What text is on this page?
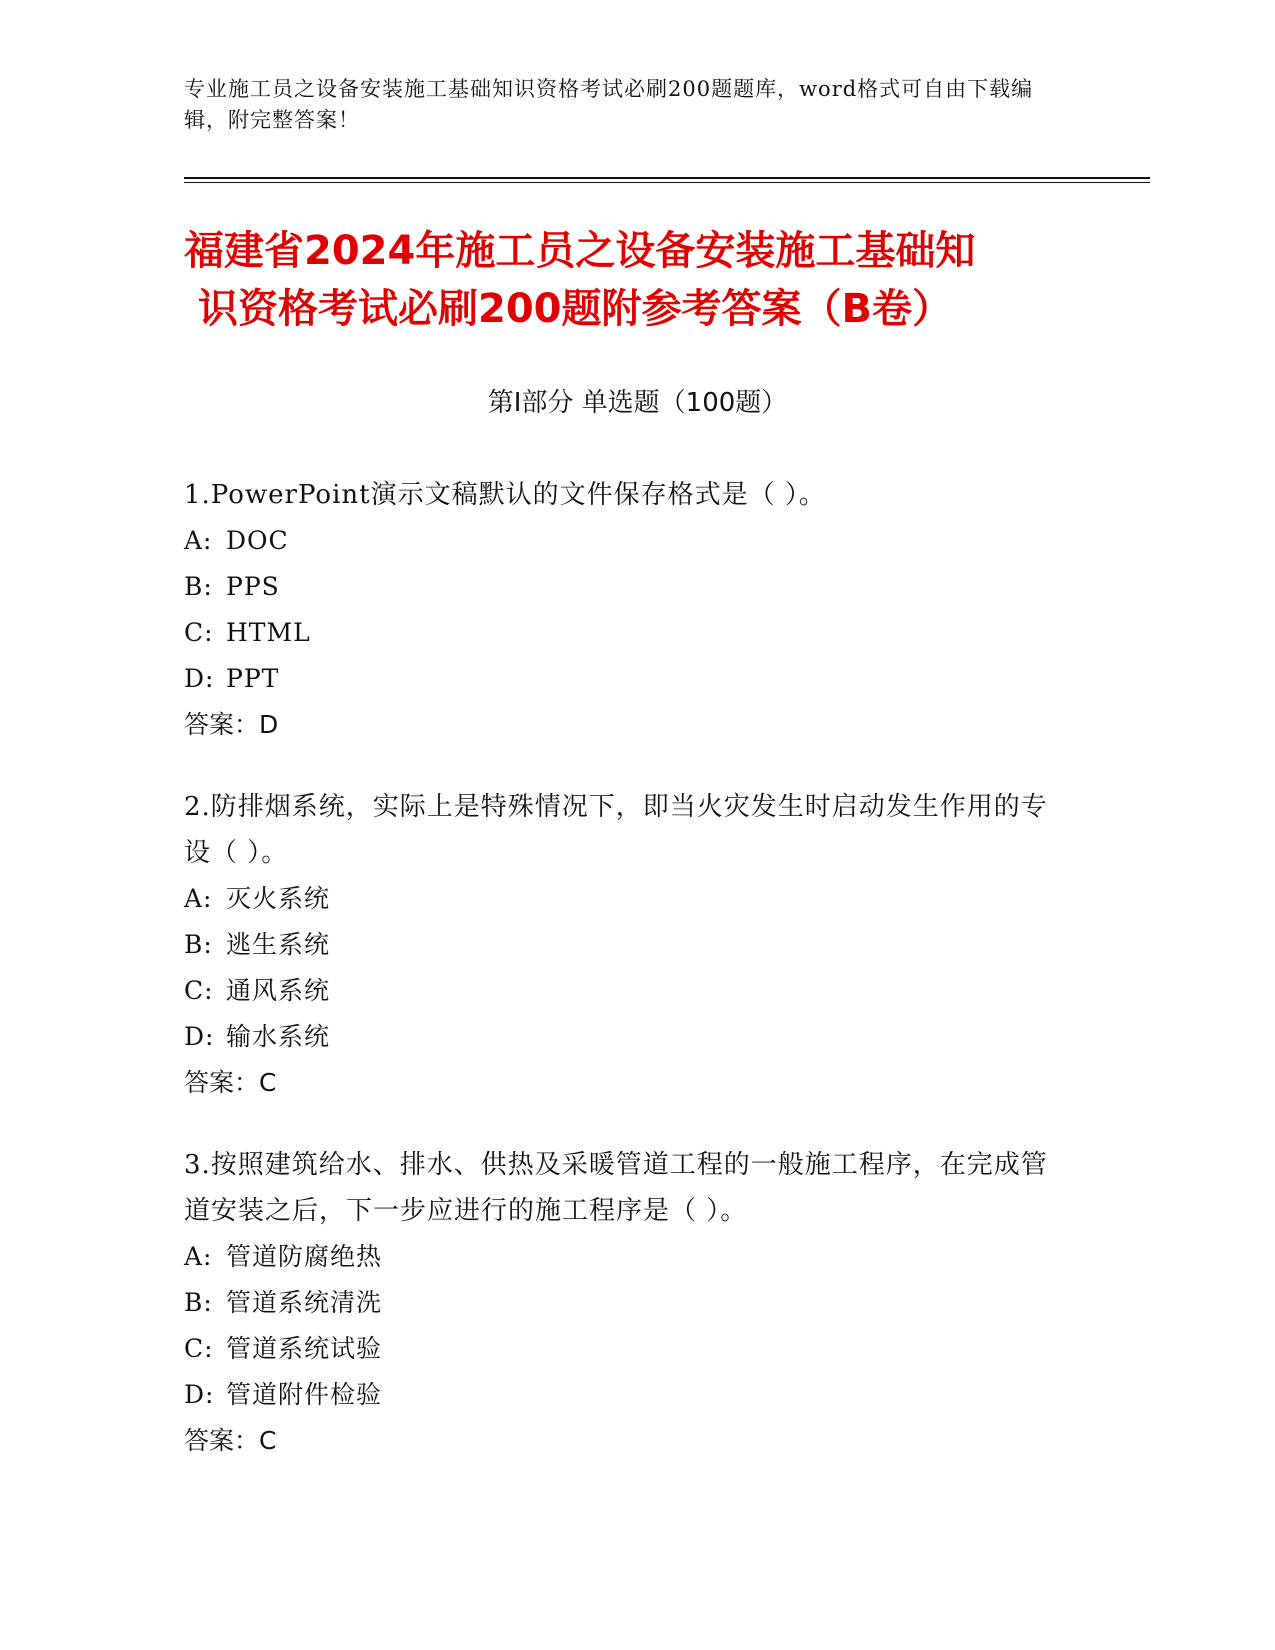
专业施工员之设备安装施工基础知识资格考试必刷200题题库，word格式可自由下载编辑，附完整答案！
福建省2024年施工员之设备安装施工基础知
识资格考试必刷200题附参考答案（B卷）
第Ⅰ部分 单选题（100题）
1.PowerPoint演示文稿默认的文件保存格式是（ ）。
A: DOC
B: PPS
C: HTML
D: PPT
答案：D
2.防排烟系统，实际上是特殊情况下，即当火灾发生时启动发生作用的专设（ ）。
A: 灭火系统
B: 逃生系统
C: 通风系统
D: 输水系统
答案：C
3.按照建筑给水、排水、供热及采暖管道工程的一般施工程序，在完成管道安装之后，下一步应进行的施工程序是（ ）。
A: 管道防腐绝热
B: 管道系统清洗
C: 管道系统试验
D: 管道附件检验
答案：C
